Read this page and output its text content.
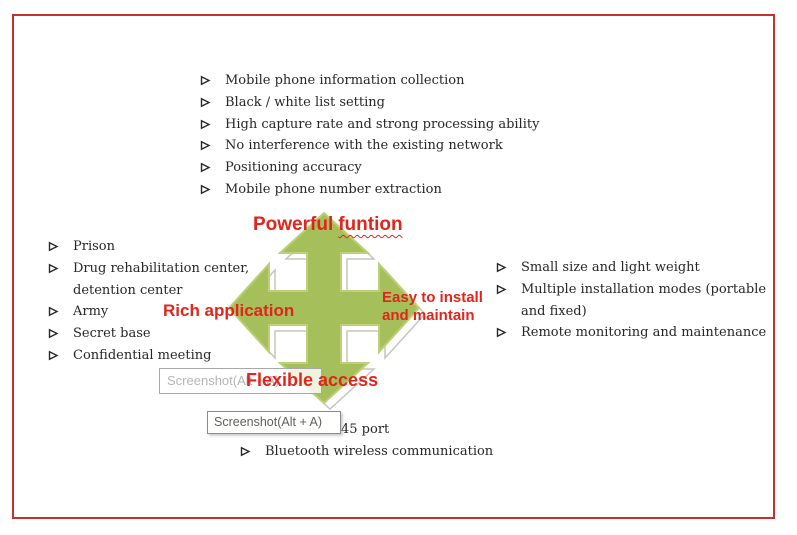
Mobile phone information collection
Black / white list setting
High capture rate and strong processing ability
No interference with the existing network
Positioning accuracy
Mobile phone number extraction
Prison
Drug rehabilitation center,
detention center
Army
Secret base
Confidential meeting
Small size and light weight
Multiple installation modes (portable
and fixed)
Remote monitoring and maintenance
45 port
Bluetooth wireless communication
Powerful funtion
Rich application
Easy to install
and maintain
Flexible access
Screenshot(Alt + A)
Screenshot(Alt + A)
